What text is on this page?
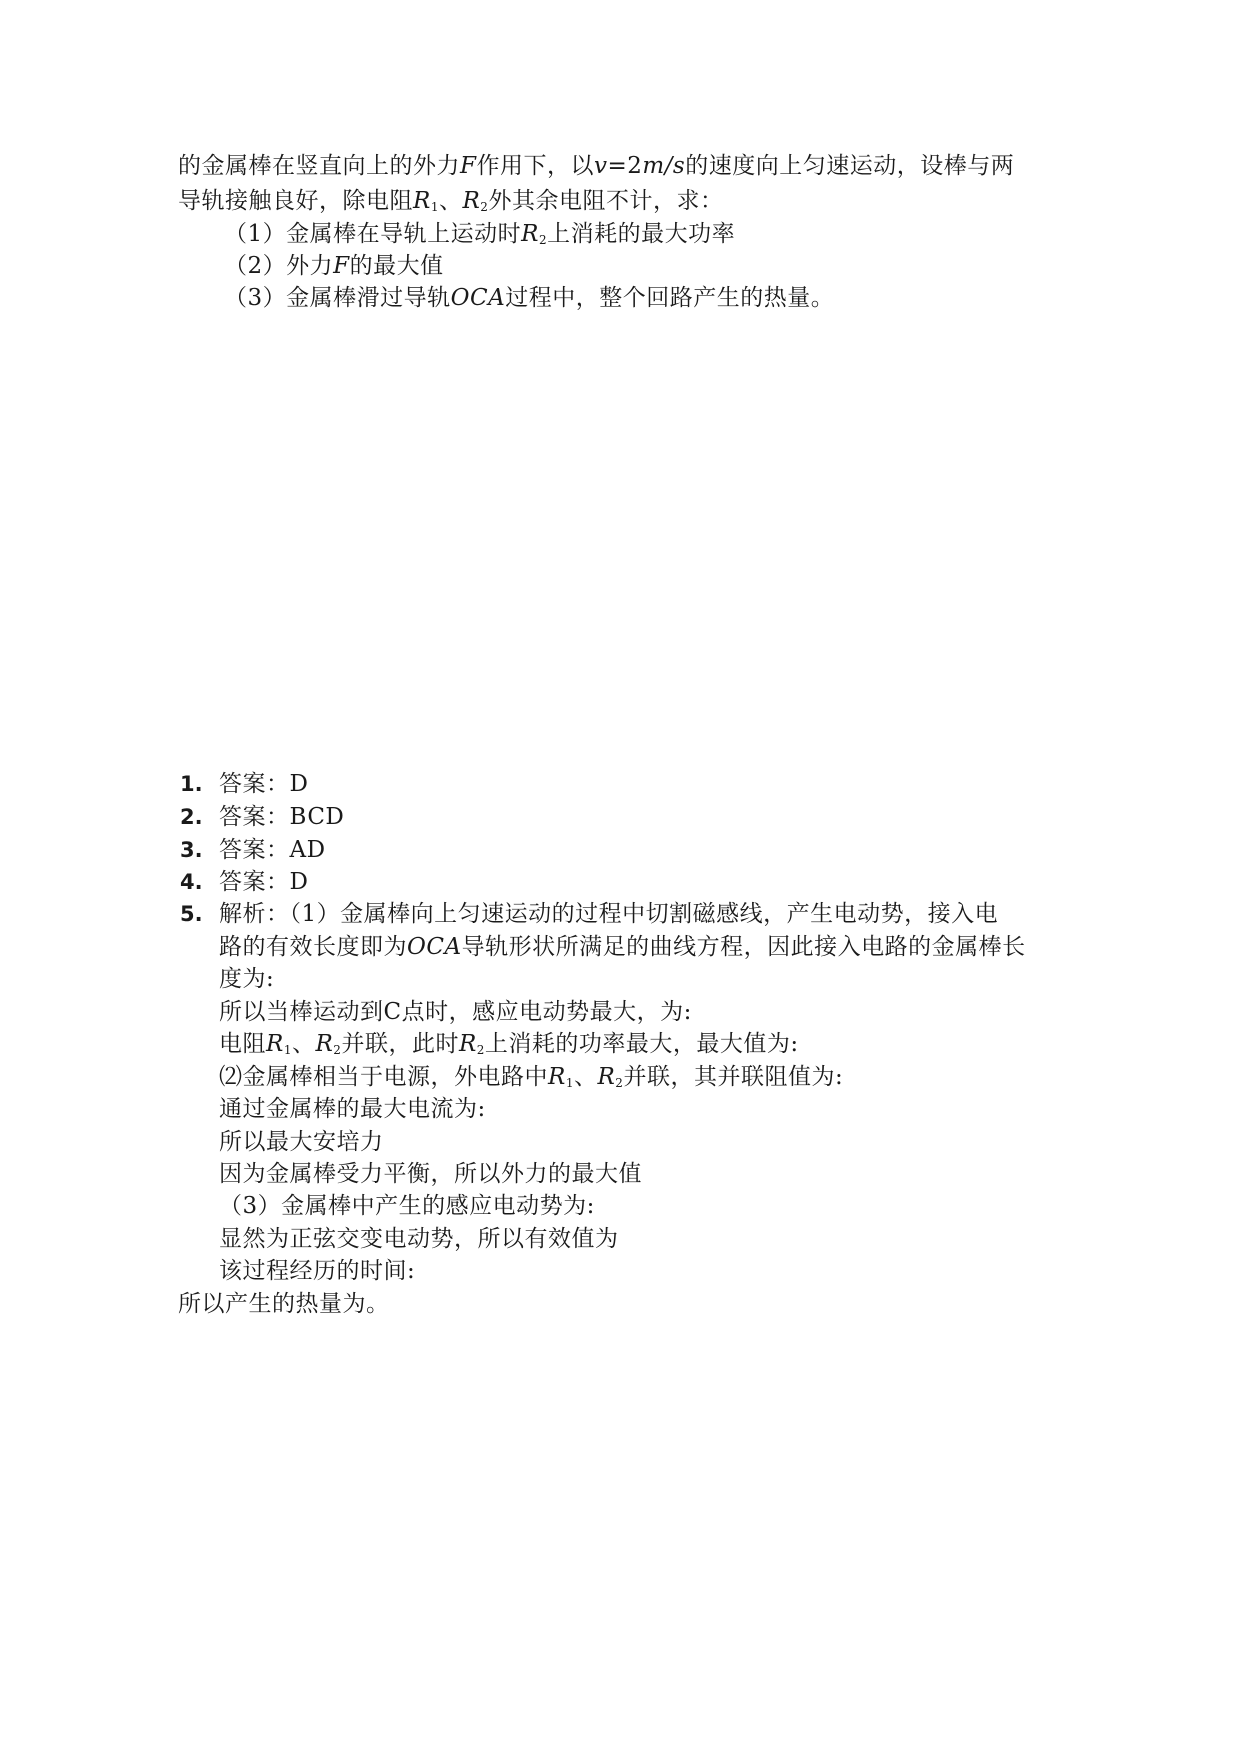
的金属棒在竖直向上的外力F作用下，以v=2m/s的速度向上匀速运动，设棒与两
导轨接触良好，除电阻$R_1$、$R_2$外其余电阻不计，求：
（1）金属棒在导轨上运动时$R_2$上消耗的最大功率
（2）外力F的最大值
（3）金属棒滑过导轨OCA过程中，整个回路产生的热量。
1. 答案：D
2. 答案：BCD
3. 答案：AD
4. 答案：D
5. 解析：（1）金属棒向上匀速运动的过程中切割磁感线，产生电动势，接入电
路的有效长度即为OCA导轨形状所满足的曲线方程，因此接入电路的金属棒长
度为:
所以当棒运动到C点时，感应电动势最大，为:
电阻$R_1$、$R_2$并联，此时$R_2$上消耗的功率最大，最大值为:
⑵金属棒相当于电源，外电路中$R_1$、$R_2$并联，其并联阻值为:
通过金属棒的最大电流为:
所以最大安培力
因为金属棒受力平衡，所以外力的最大值
（3）金属棒中产生的感应电动势为:
显然为正弦交变电动势，所以有效值为
该过程经历的时间:
所以产生的热量为。
